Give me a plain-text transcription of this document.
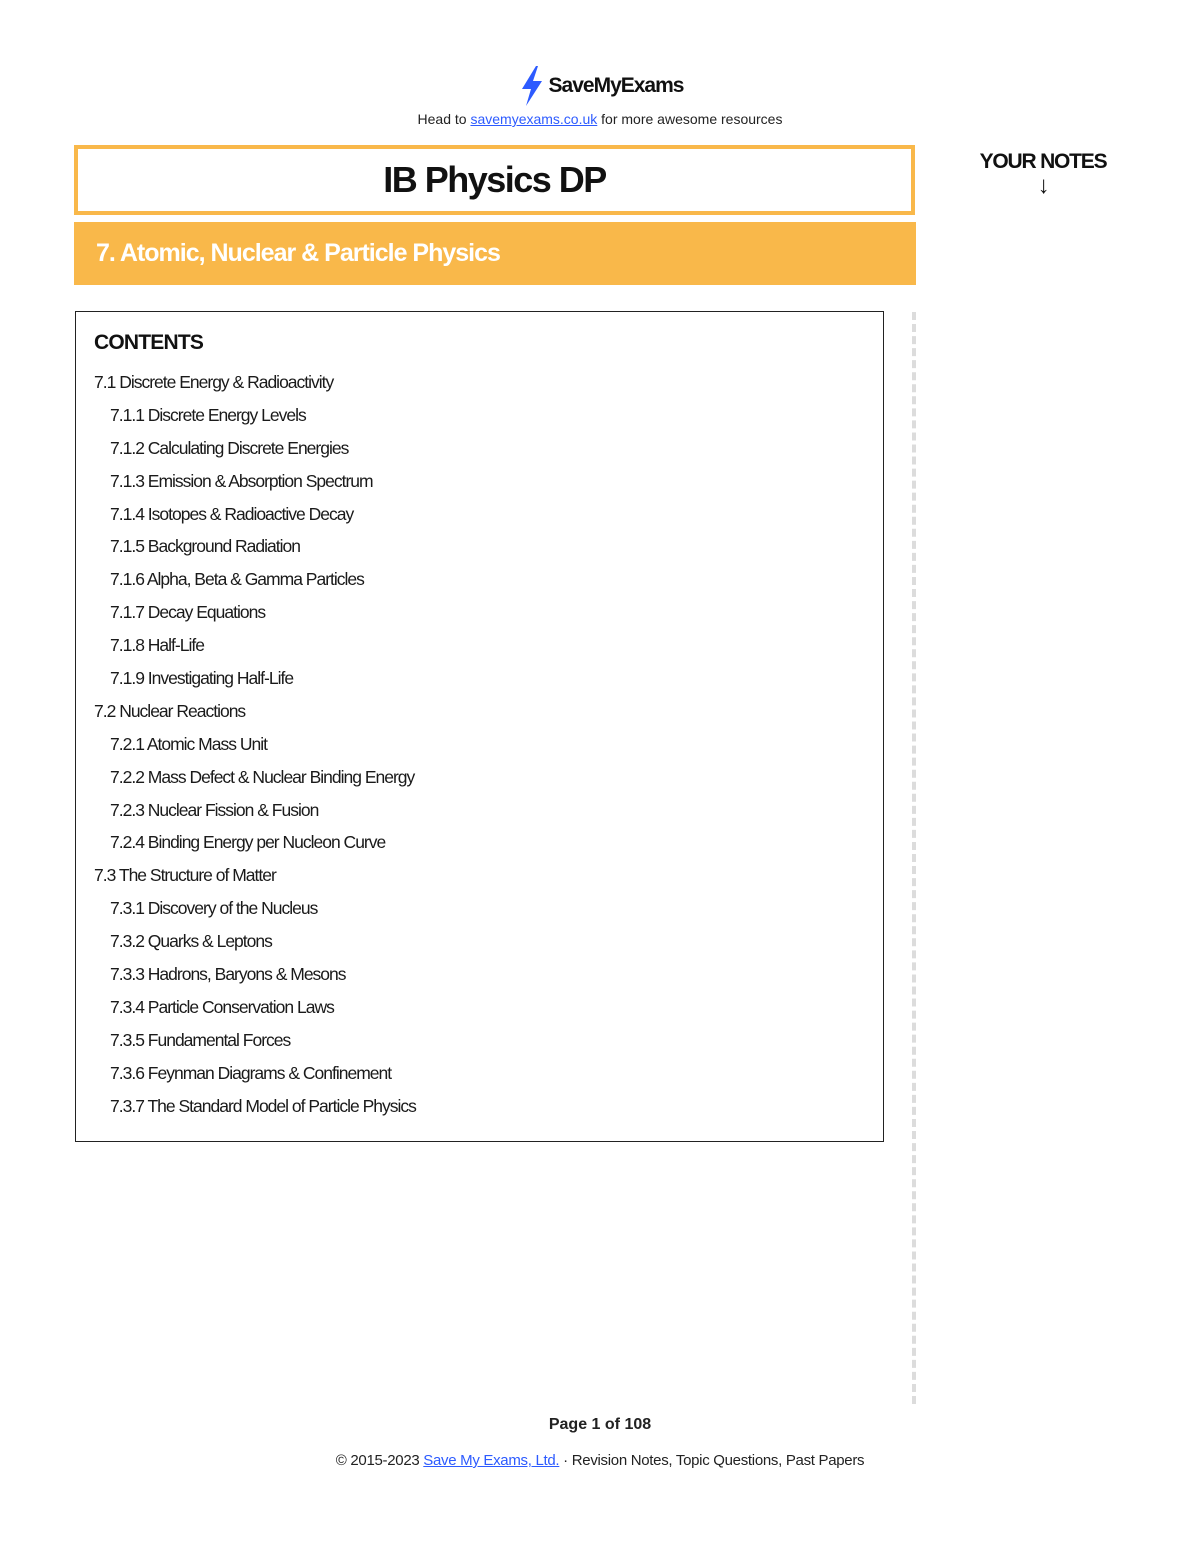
SaveMyExams
Head to savemyexams.co.uk for more awesome resources
IB Physics DP
7. Atomic, Nuclear & Particle Physics
YOUR NOTES
↓
CONTENTS
7.1 Discrete Energy & Radioactivity
7.1.1 Discrete Energy Levels
7.1.2 Calculating Discrete Energies
7.1.3 Emission & Absorption Spectrum
7.1.4 Isotopes & Radioactive Decay
7.1.5 Background Radiation
7.1.6 Alpha, Beta & Gamma Particles
7.1.7 Decay Equations
7.1.8 Half-Life
7.1.9 Investigating Half-Life
7.2 Nuclear Reactions
7.2.1 Atomic Mass Unit
7.2.2 Mass Defect & Nuclear Binding Energy
7.2.3 Nuclear Fission & Fusion
7.2.4 Binding Energy per Nucleon Curve
7.3 The Structure of Matter
7.3.1 Discovery of the Nucleus
7.3.2 Quarks & Leptons
7.3.3 Hadrons, Baryons & Mesons
7.3.4 Particle Conservation Laws
7.3.5 Fundamental Forces
7.3.6 Feynman Diagrams & Confinement
7.3.7 The Standard Model of Particle Physics
Page 1 of 108
© 2015-2023 Save My Exams, Ltd. · Revision Notes, Topic Questions, Past Papers
